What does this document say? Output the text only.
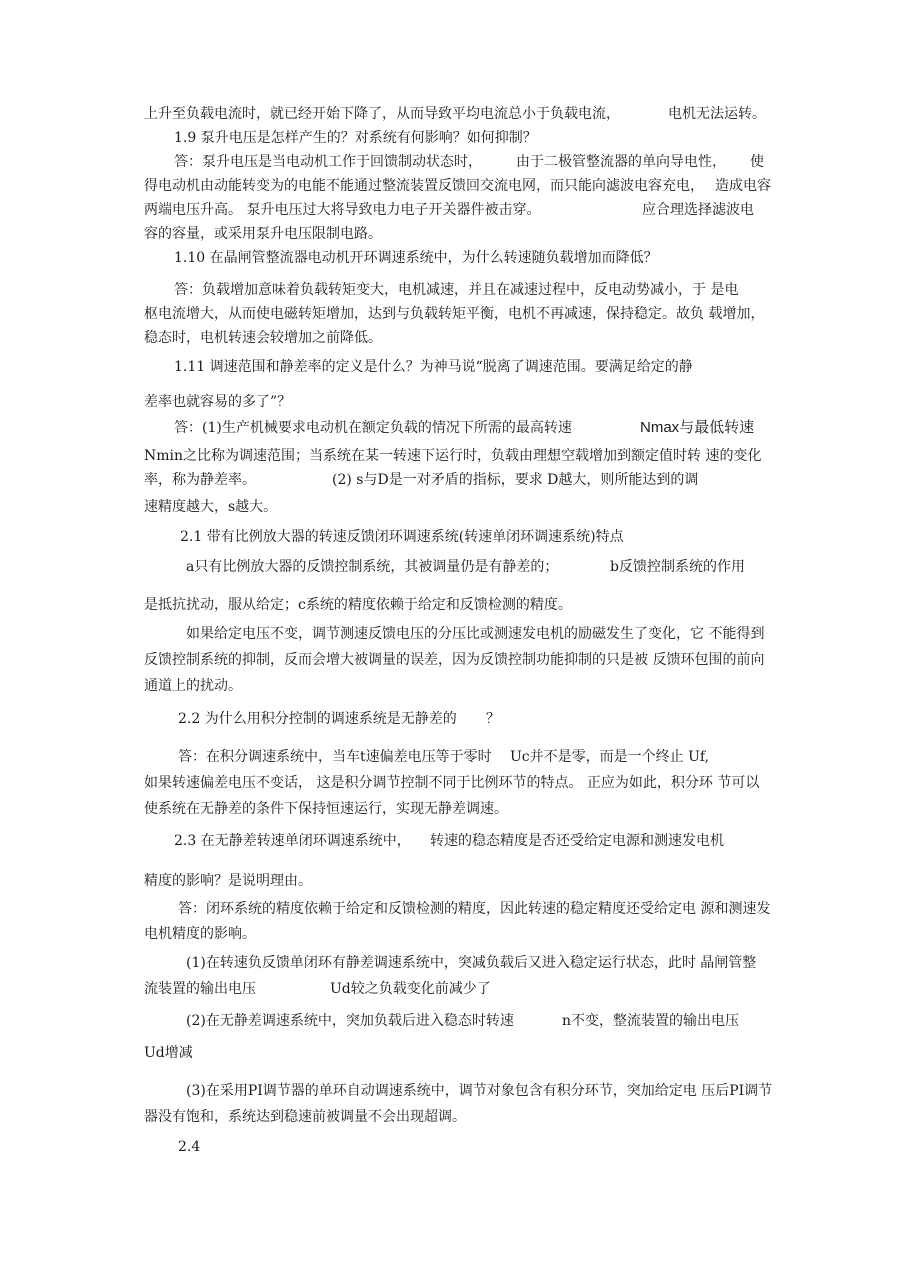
上升至负载电流时，就已经开始下降了，从而导致平均电流总小于负载电流，	电机无法运转。
1.9 泵升电压是怎样产生的？对系统有何影响？如何抑制？
答：泵升电压是当电动机工作于回馈制动状态时， 由于二极管整流器的单向导电性， 使
得电动机由动能转变为的电能不能通过整流装置反馈回交流电网，而只能向滤波电容充电， 造成电容
两端电压升高。 泵升电压过大将导致电力电子开关器件被击穿。	应合理选择滤波电
容的容量，或采用泵升电压限制电路。
1.10 在晶闸管整流器电动机开环调速系统中，为什么转速随负载增加而降低？
答：负载增加意味着负载转矩变大，电机减速，并且在减速过程中，反电动势减小，于 是电
枢电流增大，从而使电磁转矩增加，达到与负载转矩平衡，电机不再减速，保持稳定。故负 载增加，
稳态时，电机转速会较增加之前降低。
1.11 调速范围和静差率的定义是什么？为神马说“脱离了调速范围。要满足给定的静
差率也就容易的多了”？
答：(1)生产机械要求电动机在额定负载的情况下所需的最高转速	Nmax与最低转速
Nmin之比称为调速范围；当系统在某一转速下运行时，负载由理想空载增加到额定值时转 速的变化
率，称为静差率。	(2) s与D是一对矛盾的指标，要求 D越大，则所能达到的调
速精度越大，s越大。
2.1 带有比例放大器的转速反馈闭环调速系统(转速单闭环调速系统)特点
a只有比例放大器的反馈控制系统，其被调量仍是有静差的；	b反馈控制系统的作用
是抵抗扰动，服从给定；c系统的精度依赖于给定和反馈检测的精度。
如果给定电压不变，调节测速反馈电压的分压比或测速发电机的励磁发生了变化，它 不能得到
反馈控制系统的抑制，反而会增大被调量的误差，因为反馈控制功能抑制的只是被 反馈环包围的前向
通道上的扰动。
2.2 为什么用积分控制的调速系统是无静差的 ？
答：在积分调速系统中，当车t速偏差电压等于零时 Uc并不是零，而是一个终止 Uf,
如果转速偏差电压不变话， 这是积分调节控制不同于比例环节的特点。 正应为如此，积分环 节可以
使系统在无静差的条件下保持恒速运行，实现无静差调速。
2.3 在无静差转速单闭环调速系统中， 转速的稳态精度是否还受给定电源和测速发电机
精度的影响？是说明理由。
答：闭环系统的精度依赖于给定和反馈检测的精度，因此转速的稳定精度还受给定电 源和测速发
电机精度的影响。
(1)在转速负反馈单闭环有静差调速系统中，突减负载后又进入稳定运行状态，此时 晶闸管整
流装置的输出电压	Ud较之负载变化前减少了
(2)在无静差调速系统中，突加负载后进入稳态时转速	n不变，整流装置的输出电压
Ud增减
(3)在采用PI调节器的单环自动调速系统中，调节对象包含有积分环节，突加给定电 压后PI调节
器没有饱和，系统达到稳速前被调量不会出现超调。
2.4
